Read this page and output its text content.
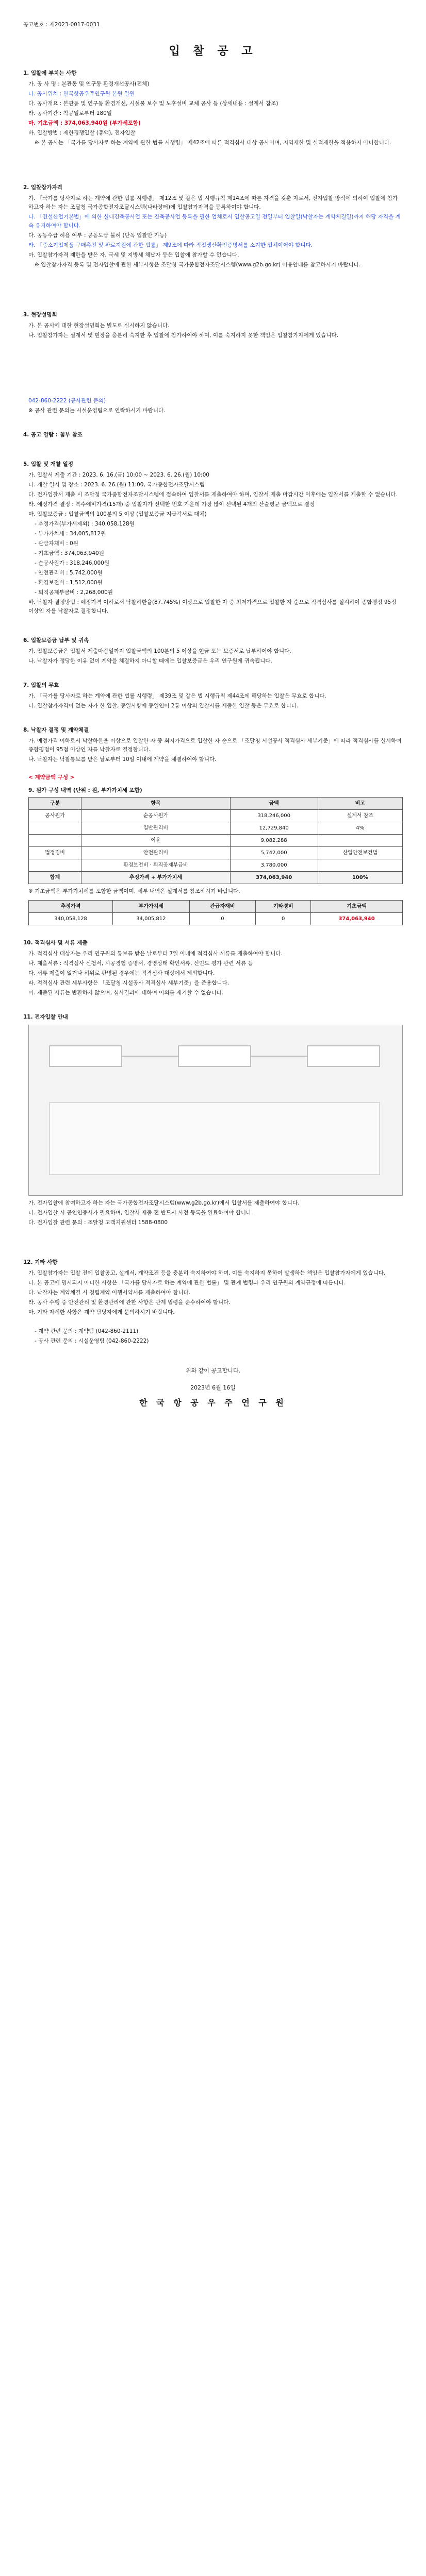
공고번호 : 제2023-0017-0031
입 찰 공 고
1. 입찰에 부치는 사항
가. 공 사 명 : 본관동 및 연구동 환경개선공사(전체)
나. 공사위치 : 한국항공우주연구원 본원 일원
다. 공사개요 : 본관동 및 연구동 환경개선, 시설물 보수 및 노후설비 교체 공사 등 (상세내용 : 설계서 참조)
라. 공사기간 : 착공일로부터 180일
마. 기초금액 : 374,063,940원 (부가세포함)
바. 입찰방법 : 제한경쟁입찰 (총액), 전자입찰
※ 본 공사는 「국가를 당사자로 하는 계약에 관한 법률 시행령」 제42조에 따른 적격심사 대상 공사이며, 지역제한 및 실적제한을 적용하지 아니합니다.
2. 입찰참가자격
가. 「국가를 당사자로 하는 계약에 관한 법률 시행령」 제12조 및 같은 법 시행규칙 제14조에 따른 자격을 갖춘 자로서, 전자입찰 방식에 의하여 입찰에 참가하고자 하는 자는 조달청 국가종합전자조달시스템(나라장터)에 입찰참가자격을 등록하여야 합니다.
나. 「건설산업기본법」에 의한 실내건축공사업 또는 건축공사업 등록을 필한 업체로서 입찰공고일 전일부터 입찰일(낙찰자는 계약체결일)까지 해당 자격을 계속 유지하여야 합니다.
다. 공동수급 허용 여부 : 공동도급 불허 (단독 입찰만 가능)
라. 「중소기업제품 구매촉진 및 판로지원에 관한 법률」 제9조에 따라 직접생산확인증명서를 소지한 업체이어야 합니다.
마. 입찰참가자격 제한을 받은 자, 국세 및 지방세 체납자 등은 입찰에 참가할 수 없습니다.
※ 입찰참가자격 등록 및 전자입찰에 관한 세부사항은 조달청 국가종합전자조달시스템(www.g2b.go.kr) 이용안내를 참고하시기 바랍니다.
3. 현장설명회
가. 본 공사에 대한 현장설명회는 별도로 실시하지 않습니다.
나. 입찰참가자는 설계서 및 현장을 충분히 숙지한 후 입찰에 참가하여야 하며, 이를 숙지하지 못한 책임은 입찰참가자에게 있습니다.
042-860-2222 (공사관련 문의)
※ 공사 관련 문의는 시설운영팀으로 연락하시기 바랍니다.
4. 공고 열람 : 첨부 참조
5. 입찰 및 개찰 일정
가. 입찰서 제출 기간 : 2023. 6. 16.(금) 10:00 ~ 2023. 6. 26.(월) 10:00
나. 개찰 일시 및 장소 : 2023. 6. 26.(월) 11:00, 국가종합전자조달시스템
다. 전자입찰서 제출 시 조달청 국가종합전자조달시스템에 접속하여 입찰서를 제출하여야 하며, 입찰서 제출 마감시간 이후에는 입찰서를 제출할 수 없습니다.
라. 예정가격 결정 : 복수예비가격(15개) 중 입찰자가 선택한 번호 가운데 가장 많이 선택된 4개의 산술평균 금액으로 결정
마. 입찰보증금 : 입찰금액의 100분의 5 이상 (입찰보증금 지급각서로 대체)
- 추정가격(부가세제외) : 340,058,128원
- 부가가치세 : 34,005,812원
- 관급자재비 : 0원
- 기초금액 : 374,063,940원
- 순공사원가 : 318,246,000원
- 안전관리비 : 5,742,000원
- 환경보전비 : 1,512,000원
- 퇴직공제부금비 : 2,268,000원
바. 낙찰자 결정방법 : 예정가격 이하로서 낙찰하한율(87.745%) 이상으로 입찰한 자 중 최저가격으로 입찰한 자 순으로 적격심사를 실시하여 종합평점 95점 이상인 자를 낙찰자로 결정합니다.
6. 입찰보증금 납부 및 귀속
가. 입찰보증금은 입찰서 제출마감일까지 입찰금액의 100분의 5 이상을 현금 또는 보증서로 납부하여야 합니다.
나. 낙찰자가 정당한 이유 없이 계약을 체결하지 아니할 때에는 입찰보증금은 우리 연구원에 귀속됩니다.
7. 입찰의 무효
가. 「국가를 당사자로 하는 계약에 관한 법률 시행령」 제39조 및 같은 법 시행규칙 제44조에 해당하는 입찰은 무효로 합니다.
나. 입찰참가자격이 없는 자가 한 입찰, 동일사항에 동일인이 2통 이상의 입찰서를 제출한 입찰 등은 무효로 합니다.
8. 낙찰자 결정 및 계약체결
가. 예정가격 이하로서 낙찰하한율 이상으로 입찰한 자 중 최저가격으로 입찰한 자 순으로 「조달청 시설공사 적격심사 세부기준」에 따라 적격심사를 실시하여 종합평점이 95점 이상인 자를 낙찰자로 결정합니다.
나. 낙찰자는 낙찰통보를 받은 날로부터 10일 이내에 계약을 체결하여야 합니다.
< 계약금액 구성 >
9. 원가 구성 내역 (단위 : 원, 부가가치세 포함)
구분	항목	금액	비고
공사원가	순공사원가	318,246,000	설계서 참조
	일반관리비	12,729,840	4%
	이윤	9,082,288	
법정경비	안전관리비	5,742,000	산업안전보건법
	환경보전비 · 퇴직공제부금비	3,780,000	
합계	추정가격 + 부가가치세	374,063,940	100%
※ 기초금액은 부가가치세를 포함한 금액이며, 세부 내역은 설계서를 참조하시기 바랍니다.
추정가격	부가가치세	관급자재비	기타경비	기초금액
340,058,128	34,005,812	0	0	374,063,940
10. 적격심사 및 서류 제출
가. 적격심사 대상자는 우리 연구원의 통보를 받은 날로부터 7일 이내에 적격심사 서류를 제출하여야 합니다.
나. 제출서류 : 적격심사 신청서, 시공경험 증명서, 경영상태 확인서류, 신인도 평가 관련 서류 등
다. 서류 제출이 없거나 허위로 판명된 경우에는 적격심사 대상에서 제외합니다.
라. 적격심사 관련 세부사항은 「조달청 시설공사 적격심사 세부기준」을 준용합니다.
마. 제출된 서류는 반환하지 않으며, 심사결과에 대하여 이의를 제기할 수 없습니다.
11. 전자입찰 안내
가. 전자입찰에 참여하고자 하는 자는 국가종합전자조달시스템(www.g2b.go.kr)에서 입찰서를 제출하여야 합니다.
나. 전자입찰 시 공인인증서가 필요하며, 입찰서 제출 전 반드시 사전 등록을 완료하여야 합니다.
다. 전자입찰 관련 문의 : 조달청 고객지원센터 1588-0800
12. 기타 사항
가. 입찰참가자는 입찰 전에 입찰공고, 설계서, 계약조건 등을 충분히 숙지하여야 하며, 이를 숙지하지 못하여 발생하는 책임은 입찰참가자에게 있습니다.
나. 본 공고에 명시되지 아니한 사항은 「국가를 당사자로 하는 계약에 관한 법률」 및 관계 법령과 우리 연구원의 계약규정에 따릅니다.
다. 낙찰자는 계약체결 시 청렴계약 이행서약서를 제출하여야 합니다.
라. 공사 수행 중 안전관리 및 환경관리에 관한 사항은 관계 법령을 준수하여야 합니다.
마. 기타 자세한 사항은 계약 담당자에게 문의하시기 바랍니다.
- 계약 관련 문의 : 계약팀 (042-860-2111)
- 공사 관련 문의 : 시설운영팀 (042-860-2222)
위와 같이 공고합니다.
2023년 6월 16일
한 국 항 공 우 주 연 구 원
